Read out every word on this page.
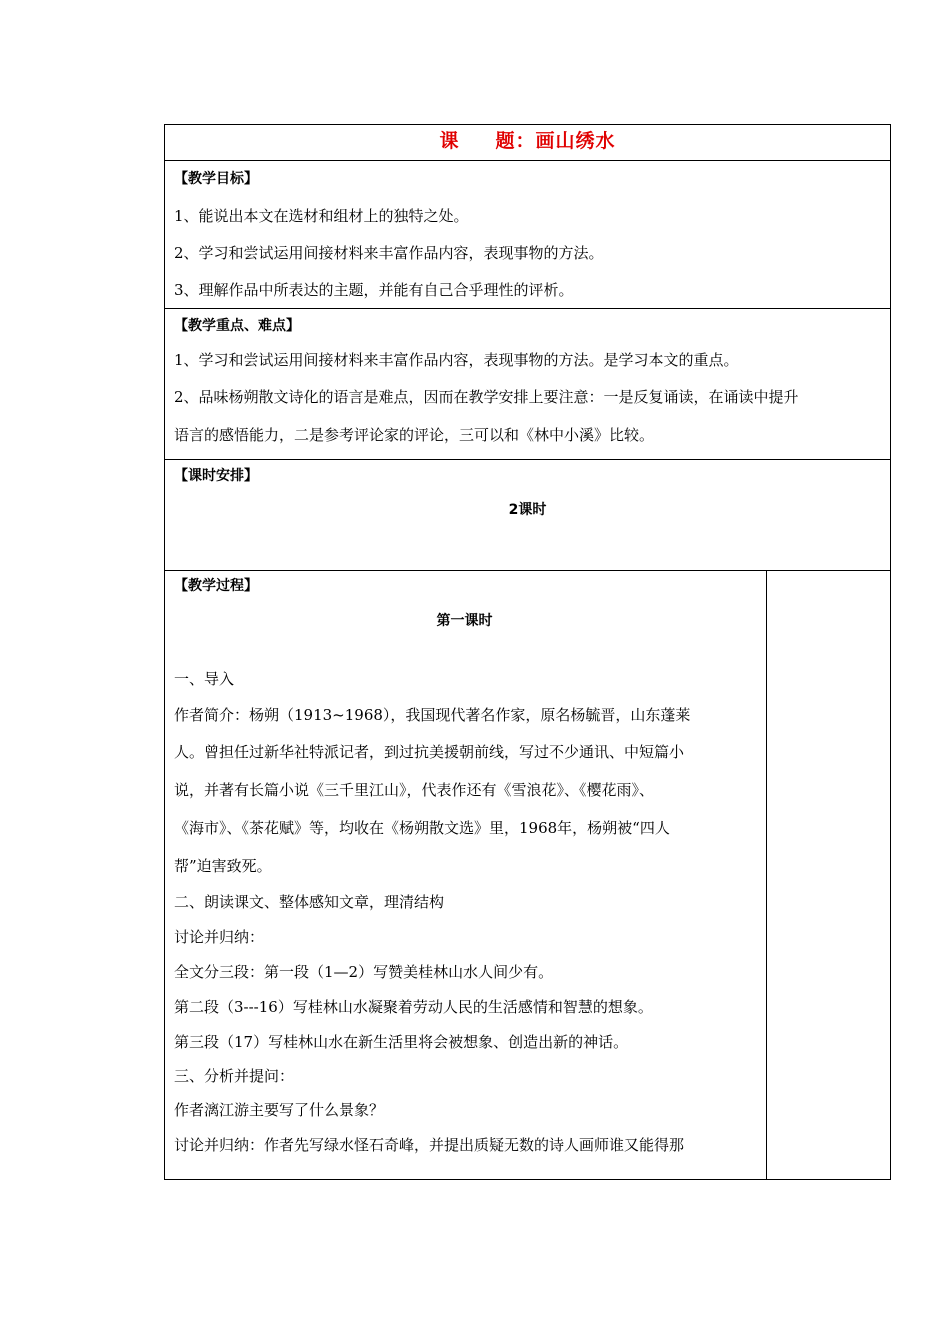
课 题：画山绣水
【教学目标】
1、能说出本文在选材和组材上的独特之处。
2、学习和尝试运用间接材料来丰富作品内容，表现事物的方法。
3、理解作品中所表达的主题，并能有自己合乎理性的评析。
【教学重点、难点】
1、学习和尝试运用间接材料来丰富作品内容，表现事物的方法。是学习本文的重点。
2、品味杨朔散文诗化的语言是难点，因而在教学安排上要注意：一是反复诵读，在诵读中提升
语言的感悟能力，二是参考评论家的评论，三可以和《林中小溪》比较。
【课时安排】
2课时
【教学过程】
第一课时
一、导入
作者简介：杨朔（1913~1968），我国现代著名作家，原名杨毓晋，山东蓬莱
人。曾担任过新华社特派记者，到过抗美援朝前线，写过不少通讯、中短篇小
说，并著有长篇小说《三千里江山》，代表作还有《雪浪花》、《樱花雨》、
《海市》、《茶花赋》等，均收在《杨朔散文选》里，1968年，杨朔被“四人
帮”迫害致死。
二、朗读课文、整体感知文章，理清结构
讨论并归纳：
全文分三段：第一段（1—2）写赞美桂林山水人间少有。
第二段（3---16）写桂林山水凝聚着劳动人民的生活感情和智慧的想象。
第三段（17）写桂林山水在新生活里将会被想象、创造出新的神话。
三、分析并提问：
作者漓江游主要写了什么景象？
讨论并归纳：作者先写绿水怪石奇峰，并提出质疑无数的诗人画师谁又能得那
